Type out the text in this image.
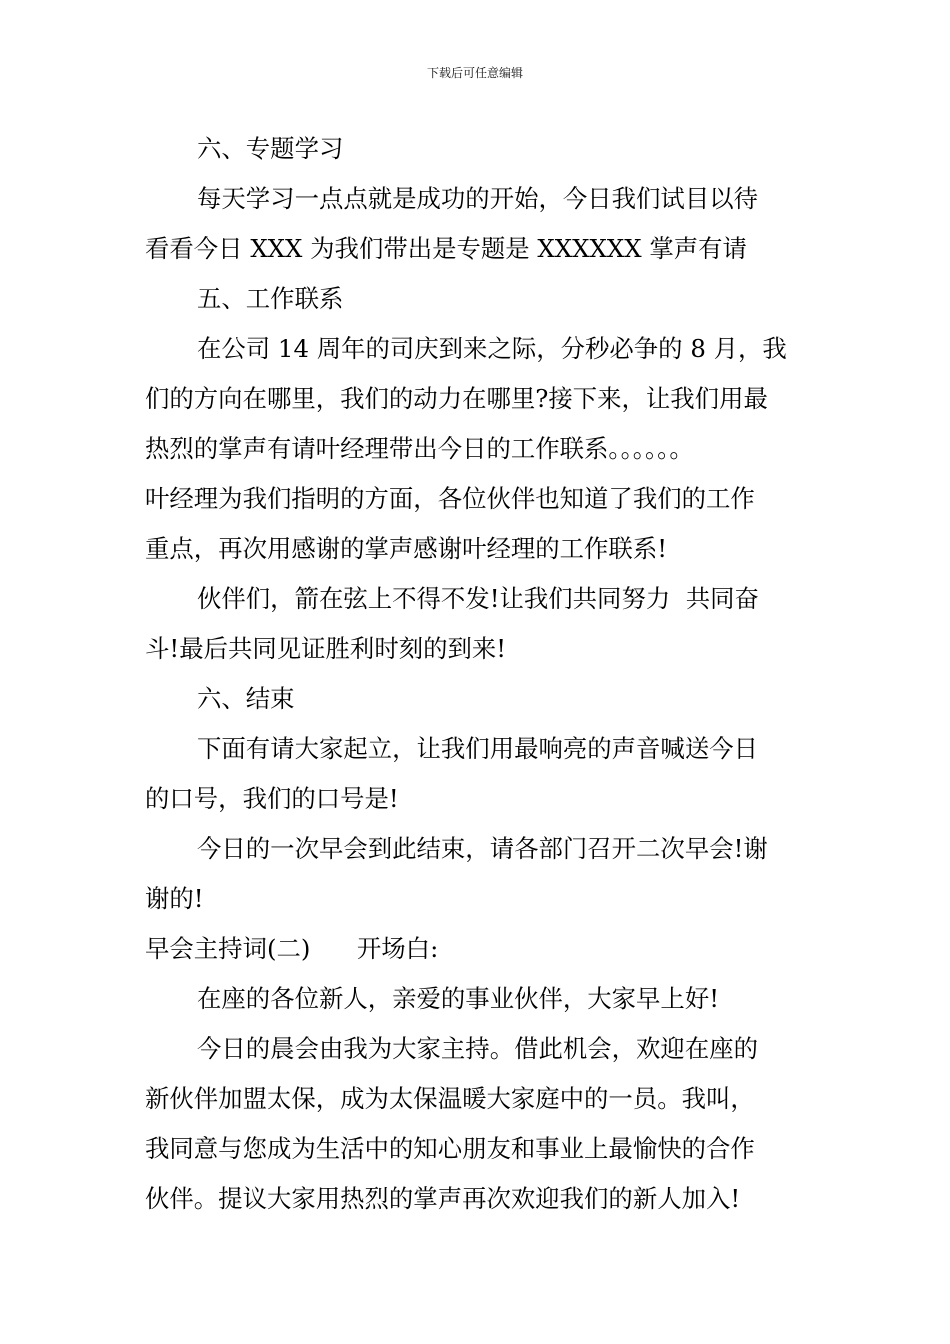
下载后可任意编辑
六、专题学习
每天学习一点点就是成功的开始，今日我们试目以待
看看今日 XXX 为我们带出是专题是 XXXXXX 掌声有请
五、工作联系
在公司 14 周年的司庆到来之际，分秒必争的 8 月，我
们的方向在哪里，我们的动力在哪里?接下来，让我们用最
热烈的掌声有请叶经理带出今日的工作联系。。。。。。
叶经理为我们指明的方面，各位伙伴也知道了我们的工作
重点，再次用感谢的掌声感谢叶经理的工作联系!
伙伴们，箭在弦上不得不发!让我们共同努力  共同奋
斗!最后共同见证胜利时刻的到来!
六、结束
下面有请大家起立，让我们用最响亮的声音喊送今日
的口号，我们的口号是!
今日的一次早会到此结束，请各部门召开二次早会!谢
谢的!
早会主持词(二)      开场白:
在座的各位新人，亲爱的事业伙伴，大家早上好!
今日的晨会由我为大家主持。借此机会，欢迎在座的
新伙伴加盟太保，成为太保温暖大家庭中的一员。我叫，
我同意与您成为生活中的知心朋友和事业上最愉快的合作
伙伴。提议大家用热烈的掌声再次欢迎我们的新人加入!
